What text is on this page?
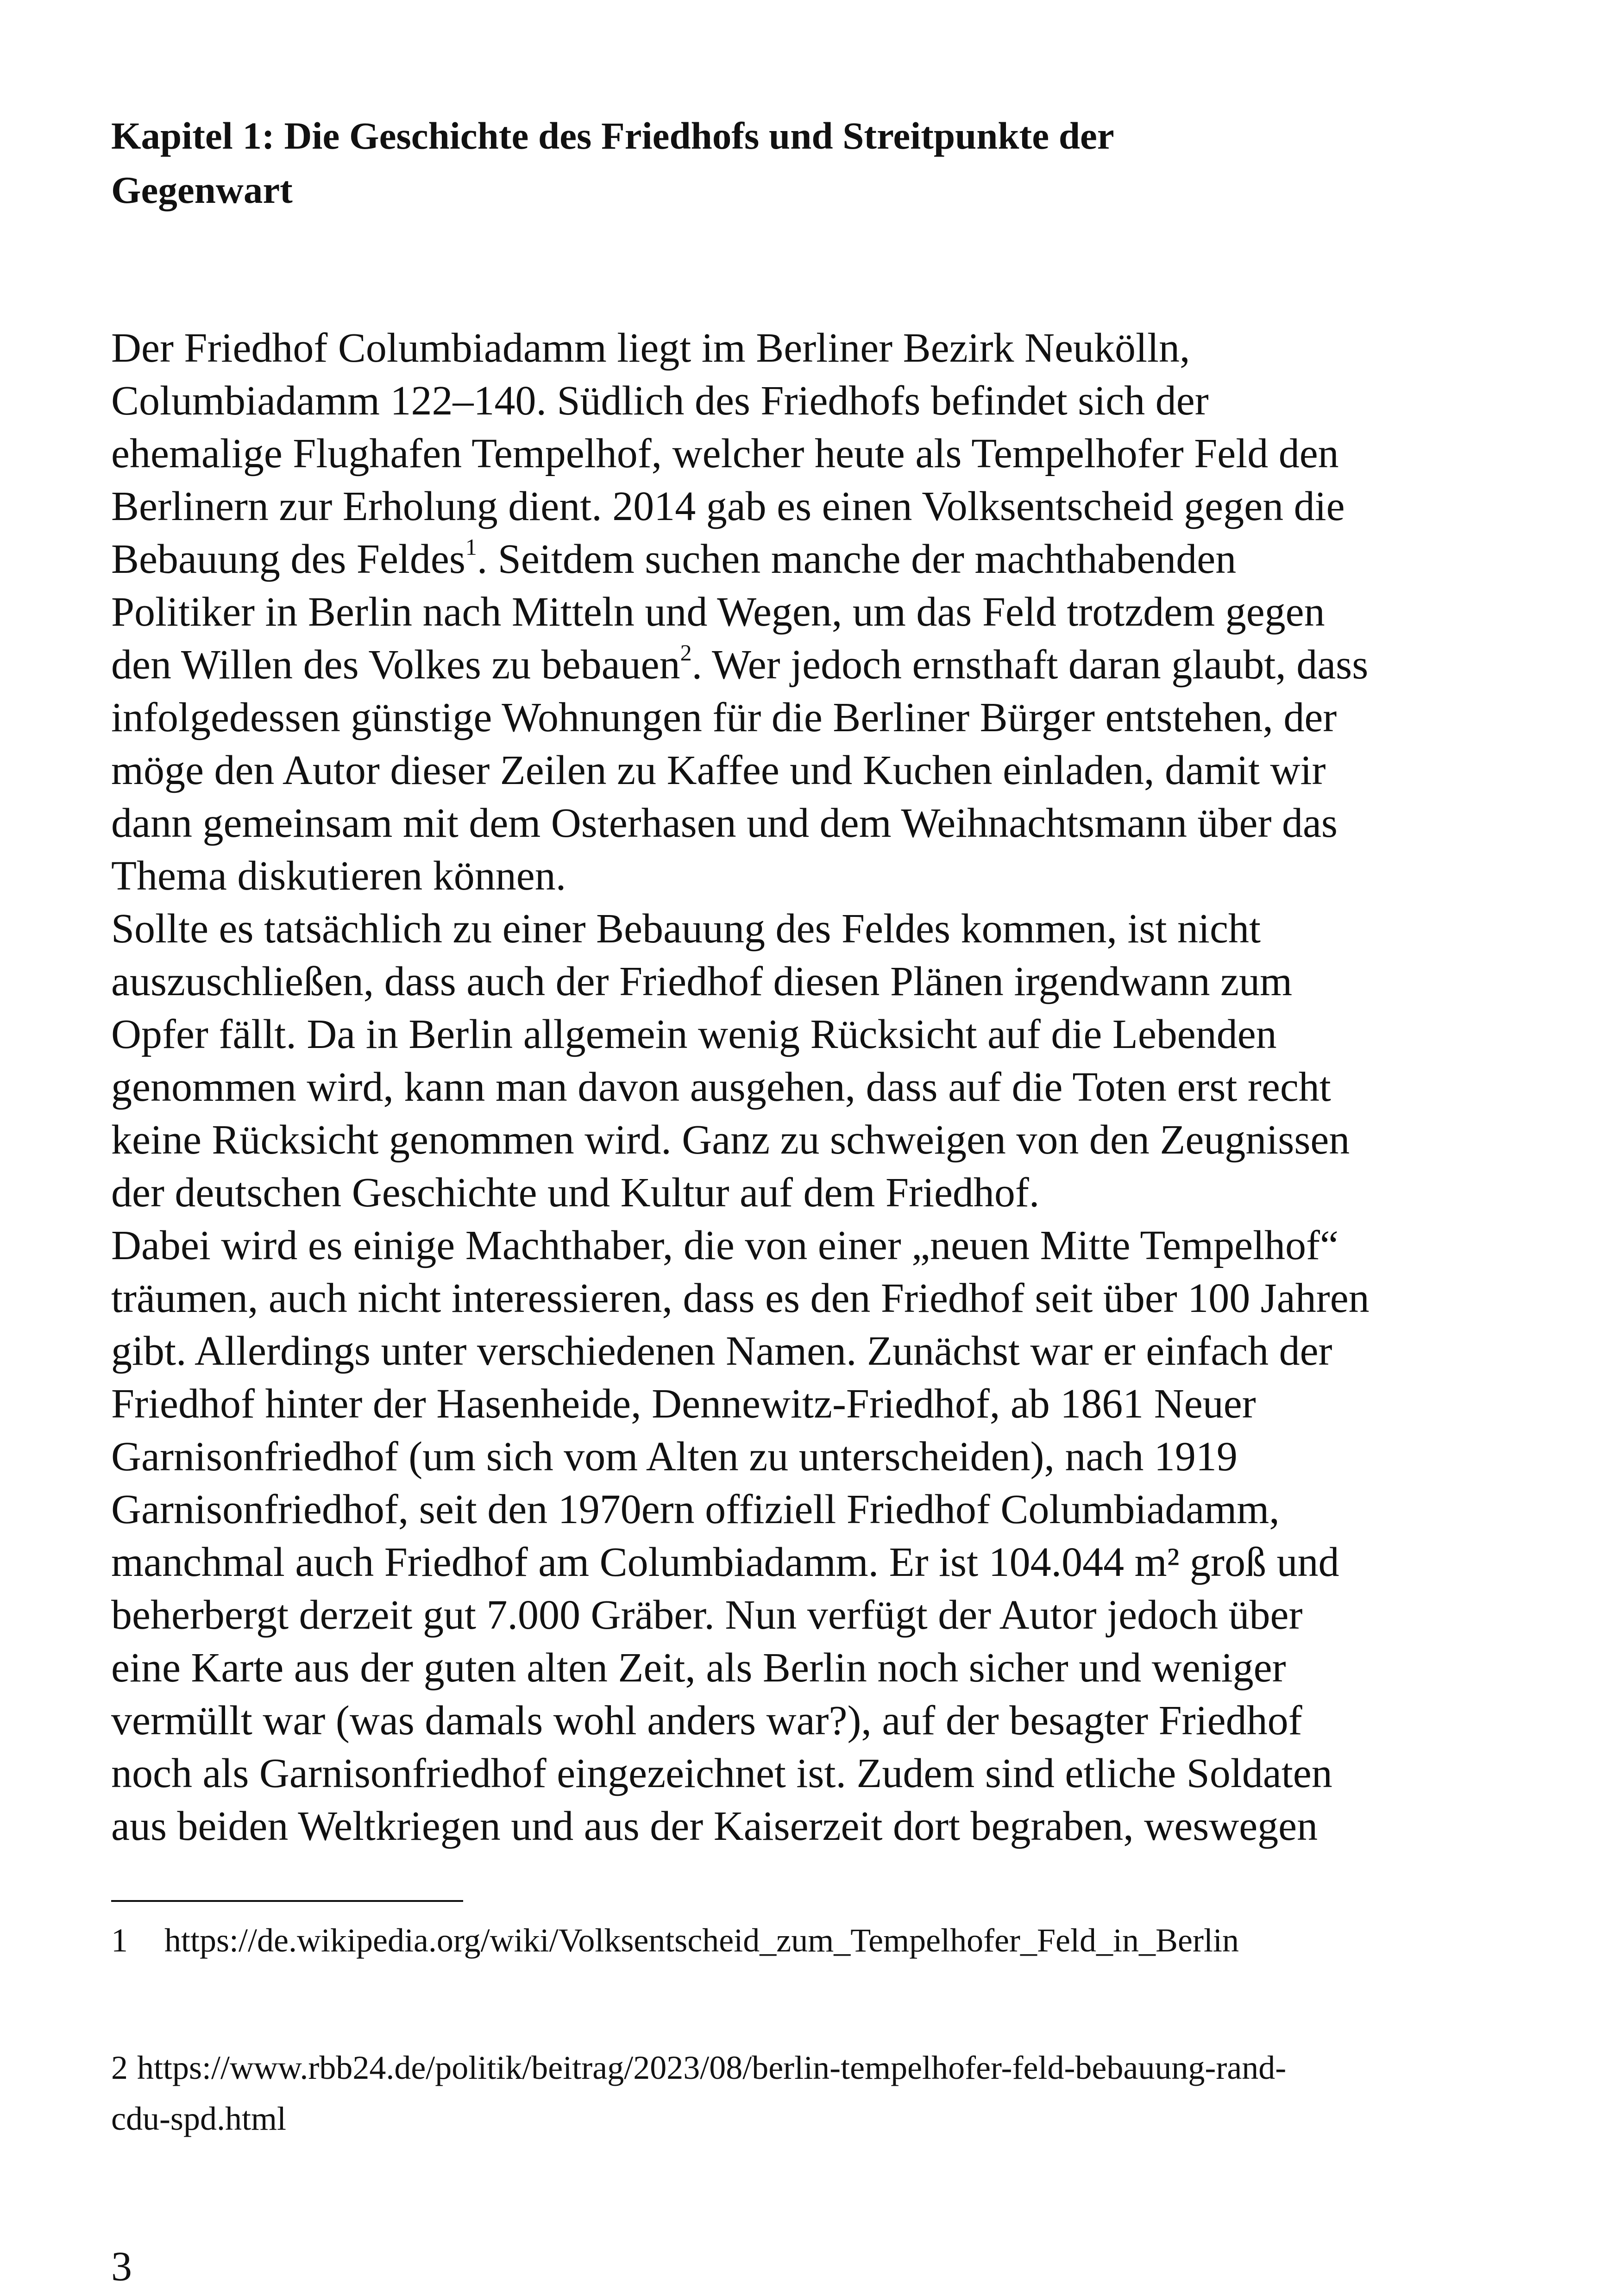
Kapitel 1: Die Geschichte des Friedhofs und Streitpunkte der
Gegenwart
Der Friedhof Columbiadamm liegt im Berliner Bezirk Neukölln,
Columbiadamm 122–140. Südlich des Friedhofs befindet sich der
ehemalige Flughafen Tempelhof, welcher heute als Tempelhofer Feld den
Berlinern zur Erholung dient. 2014 gab es einen Volksentscheid gegen die
Bebauung des Feldes$^1$. Seitdem suchen manche der machthabenden
Politiker in Berlin nach Mitteln und Wegen, um das Feld trotzdem gegen
den Willen des Volkes zu bebauen$^2$. Wer jedoch ernsthaft daran glaubt, dass
infolgedessen günstige Wohnungen für die Berliner Bürger entstehen, der
möge den Autor dieser Zeilen zu Kaffee und Kuchen einladen, damit wir
dann gemeinsam mit dem Osterhasen und dem Weihnachtsmann über das
Thema diskutieren können.
Sollte es tatsächlich zu einer Bebauung des Feldes kommen, ist nicht
auszuschließen, dass auch der Friedhof diesen Plänen irgendwann zum
Opfer fällt. Da in Berlin allgemein wenig Rücksicht auf die Lebenden
genommen wird, kann man davon ausgehen, dass auf die Toten erst recht
keine Rücksicht genommen wird. Ganz zu schweigen von den Zeugnissen
der deutschen Geschichte und Kultur auf dem Friedhof.
Dabei wird es einige Machthaber, die von einer „neuen Mitte Tempelhof“
träumen, auch nicht interessieren, dass es den Friedhof seit über 100 Jahren
gibt. Allerdings unter verschiedenen Namen. Zunächst war er einfach der
Friedhof hinter der Hasenheide, Dennewitz-Friedhof, ab 1861 Neuer
Garnisonfriedhof (um sich vom Alten zu unterscheiden), nach 1919
Garnisonfriedhof, seit den 1970ern offiziell Friedhof Columbiadamm,
manchmal auch Friedhof am Columbiadamm. Er ist 104.044 m² groß und
beherbergt derzeit gut 7.000 Gräber. Nun verfügt der Autor jedoch über
eine Karte aus der guten alten Zeit, als Berlin noch sicher und weniger
vermüllt war (was damals wohl anders war?), auf der besagter Friedhof
noch als Garnisonfriedhof eingezeichnet ist. Zudem sind etliche Soldaten
aus beiden Weltkriegen und aus der Kaiserzeit dort begraben, weswegen

1 https://de.wikipedia.org/wiki/Volksentscheid_zum_Tempelhofer_Feld_in_Berlin

2 https://www.rbb24.de/politik/beitrag/2023/08/berlin-tempelhofer-feld-bebauung-rand-
cdu-spd.html

3
